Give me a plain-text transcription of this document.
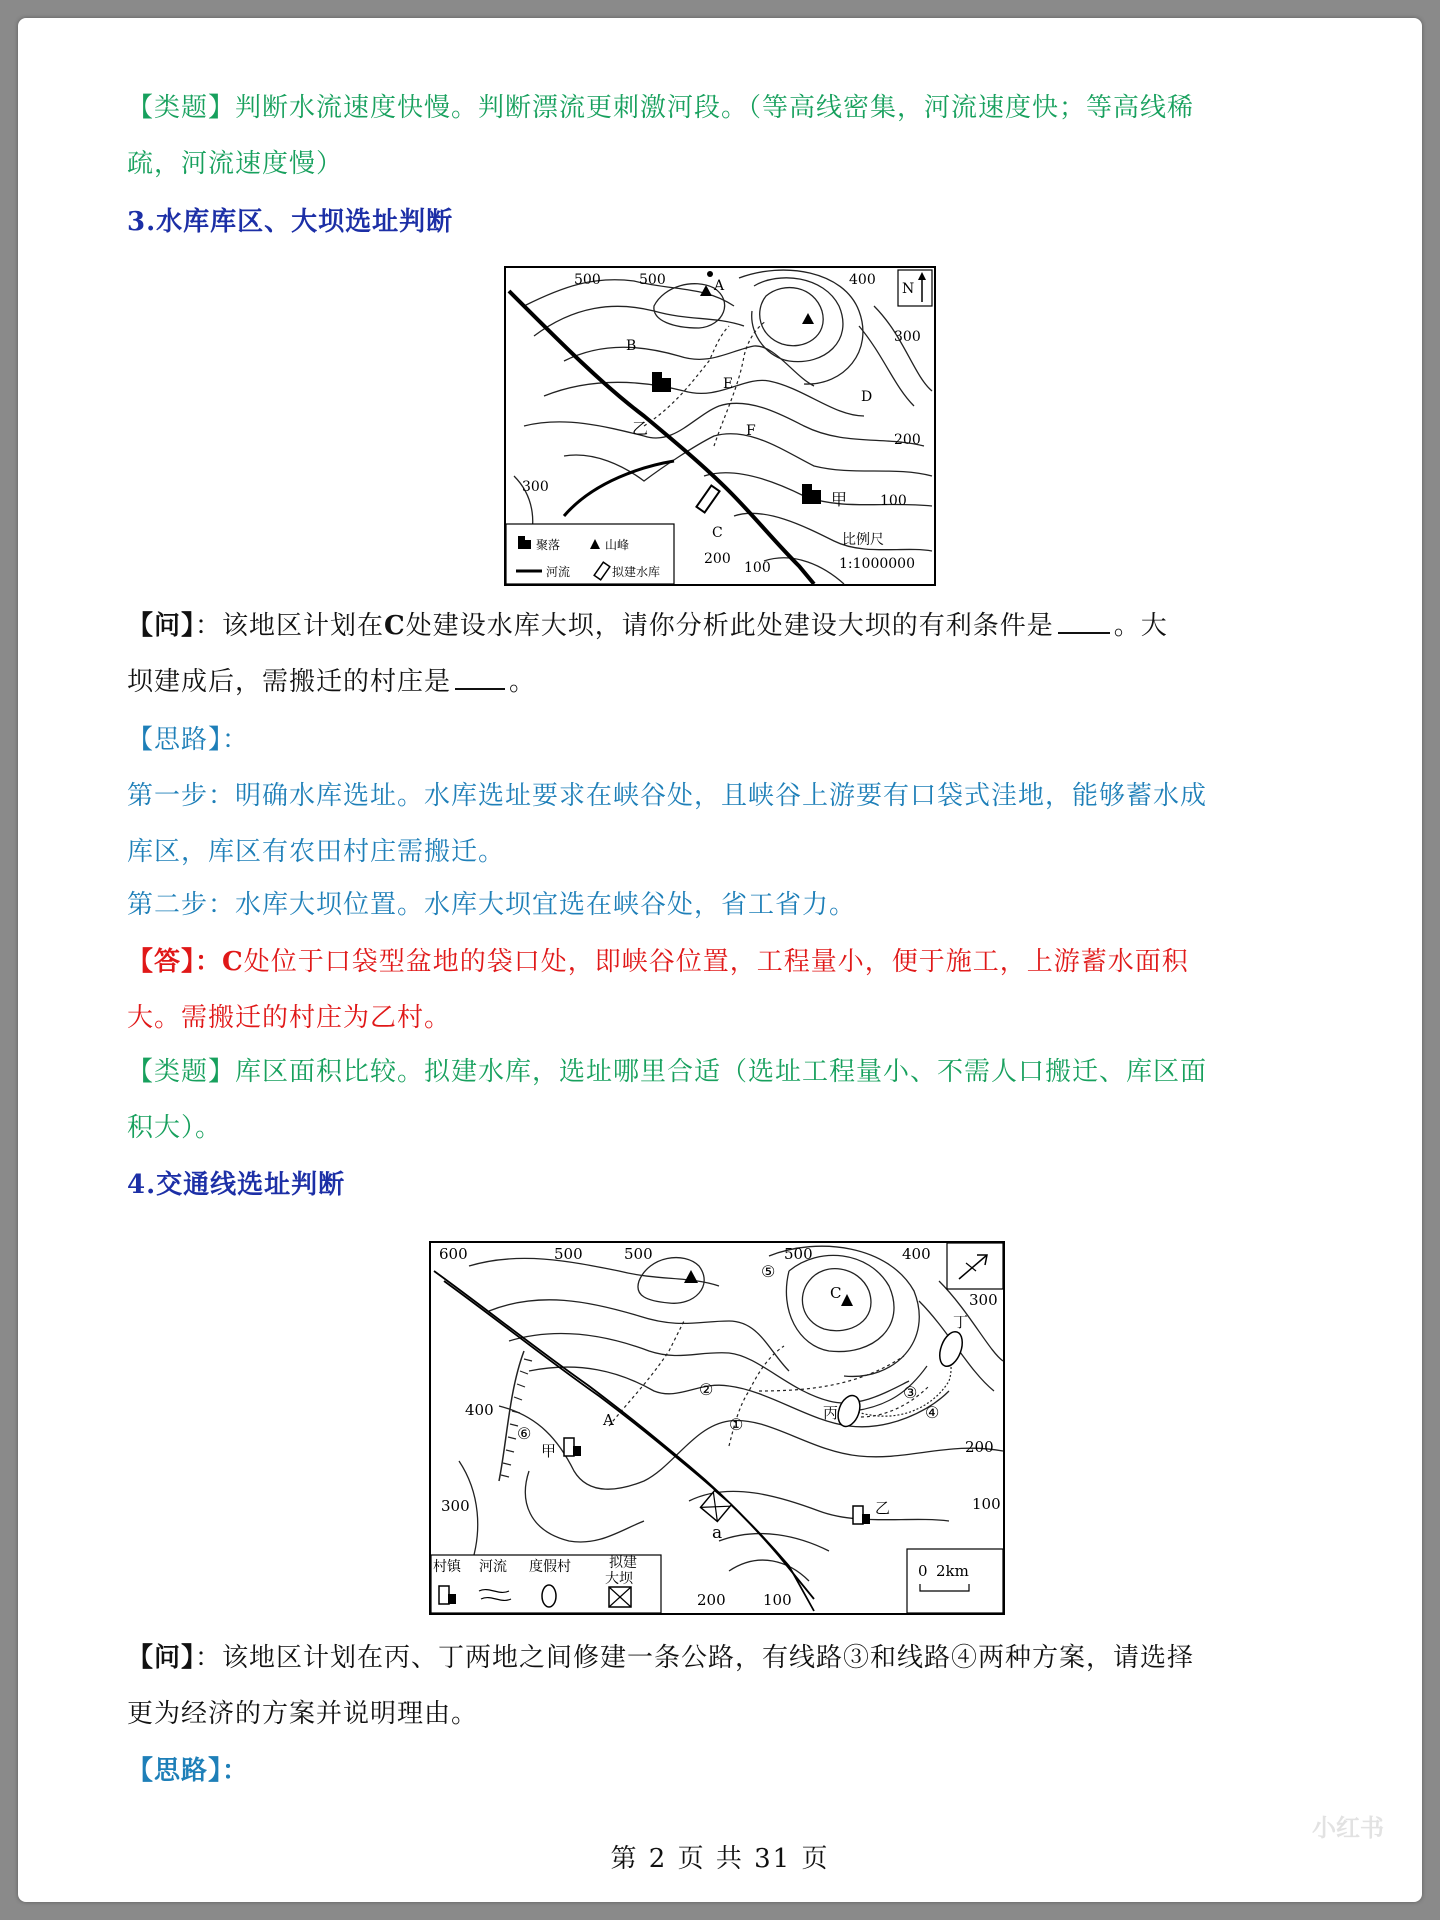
【类题】判断水流速度快慢。判断漂流更刺激河段。（等高线密集，河流速度快；等高线稀
疏，河流速度慢）
3.水库库区、大坝选址判断
N
500	500	400
300
200
300
100
200
100
A
B
E
D
F
C
乙
甲
聚落	山峰
河流	拟建水库
比例尺
1:1000000
【问】：该地区计划在C处建设水库大坝，请你分析此处建设大坝的有利条件是 。大
坝建成后，需搬迁的村庄是 。
【思路】：
第一步：明确水库选址。水库选址要求在峡谷处，且峡谷上游要有口袋式洼地，能够蓄水成
库区，库区有农田村庄需搬迁。
第二步：水库大坝位置。水库大坝宜选在峡谷处，省工省力。
【答】：C处位于口袋型盆地的袋口处，即峡谷位置，工程量小，便于施工，上游蓄水面积
大。需搬迁的村庄为乙村。
【类题】库区面积比较。拟建水库，选址哪里合适（选址工程量小、不需人口搬迁、库区面
积大）。
4.交通线选址判断
600	500	500	500	400
300
400
300
200
100
200 100
C
A
a
⑤
②
①
③
④
⑥
甲
乙
丙
丁
村镇 河流 度假村	拟建
大坝	0 2km
【问】：该地区计划在丙、丁两地之间修建一条公路，有线路③和线路④两种方案，请选择
更为经济的方案并说明理由。
【思路】：
第 2 页 共 31 页
小红书
